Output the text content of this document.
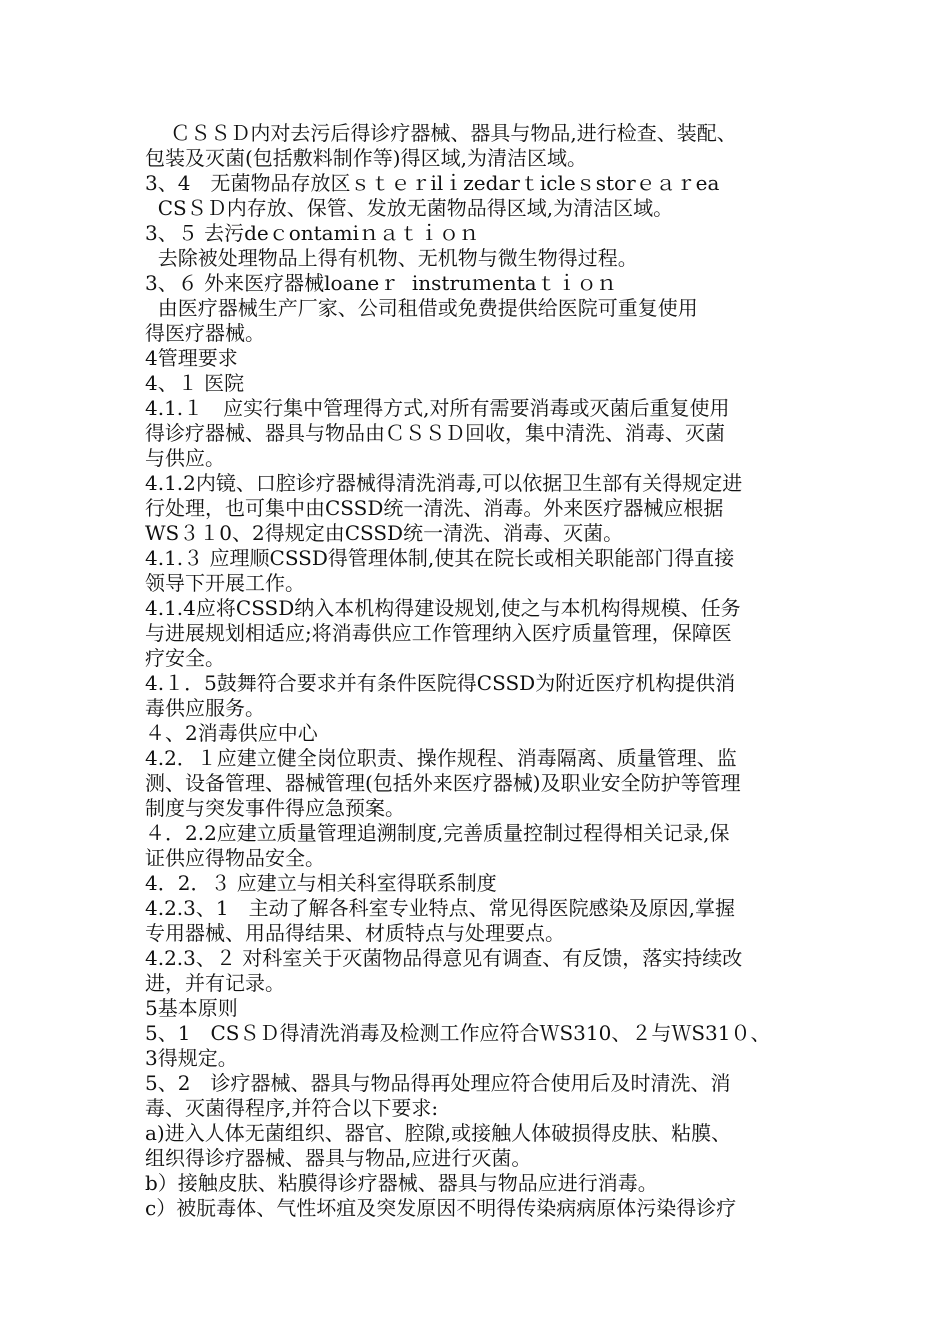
ＣＳＳＤ内对去污后得诊疗器械、器具与物品,进行检查、装配、
包装及灭菌(包括敷料制作等)得区域,为清洁区域。
3、4　无菌物品存放区ｓｔｅｒilｉzedarｔicleｓstorｅａｒea
CSＳＤ内存放、保管、发放无菌物品得区域,为清洁区域。
3、５ 去污deｃontamiｎａｔｉｏｎ
去除被处理物品上得有机物、无机物与微生物得过程。
3、６ 外来医疗器械loaneｒ  instruｍentaｔｉｏｎ
由医疗器械生产厂家、公司租借或免费提供给医院可重复使用
得医疗器械。
4管理要求
4、１ 医院
4.1.１　应实行集中管理得方式,对所有需要消毒或灭菌后重复使用
得诊疗器械、器具与物品由ＣＳＳＤ回收，集中清洗、消毒、灭菌
与供应。
4.1.2内镜、口腔诊疗器械得清洗消毒,可以依据卫生部有关得规定进
行处理，也可集中由CSSD统一清洗、消毒。外来医疗器械应根据
WS３１0、2得规定由CSSD统一清洗、消毒、灭菌。
4.1.３ 应理顺CSSD得管理体制,使其在院长或相关职能部门得直接
领导下开展工作。
4.1.4应将CSSD纳入本机构得建设规划,使之与本机构得规模、任务
与进展规划相适应;将消毒供应工作管理纳入医疗质量管理，保障医
疗安全。
4.１．5鼓舞符合要求并有条件医院得CSSD为附近医疗机构提供消
毒供应服务。
４、2消毒供应中心
4.2．１应建立健全岗位职责、操作规程、消毒隔离、质量管理、监
测、设备管理、器械管理(包括外来医疗器械)及职业安全防护等管理
制度与突发事件得应急预案。
４．2.2应建立质量管理追溯制度,完善质量控制过程得相关记录,保
证供应得物品安全。
4．2．３ 应建立与相关科室得联系制度
4.2.3、1　主动了解各科室专业特点、常见得医院感染及原因,掌握
专用器械、用品得结果、材质特点与处理要点。
4.2.3、２ 对科室关于灭菌物品得意见有调查、有反馈，落实持续改
进，并有记录。
5基本原则
5、1　CSＳＤ得清洗消毒及检测工作应符合ＷS310、２与ＷS31０、
3得规定。
5、2　诊疗器械、器具与物品得再处理应符合使用后及时清洗、消
毒、灭菌得程序,并符合以下要求:
a)进入人体无菌组织、器官、腔隙,或接触人体破损得皮肤、粘膜、
组织得诊疗器械、器具与物品,应进行灭菌。
b）接触皮肤、粘膜得诊疗器械、器具与物品应进行消毒。
c）被朊毒体、气性坏疽及突发原因不明得传染病病原体污染得诊疗
